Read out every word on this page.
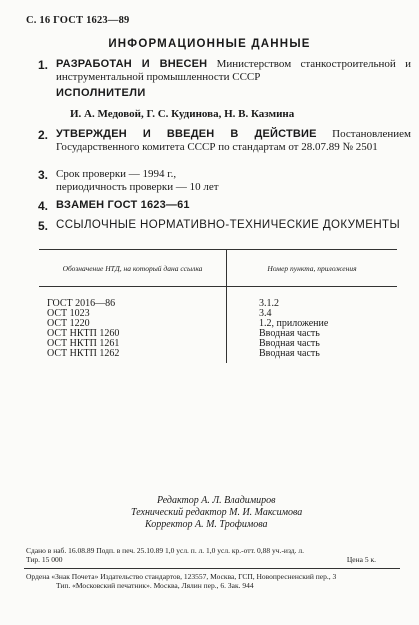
С. 16 ГОСТ 1623—89
ИНФОРМАЦИОННЫЕ ДАННЫЕ
1. РАЗРАБОТАН И ВНЕСЕН Министерством станкостроительной и инструментальной промышленности СССР
ИСПОЛНИТЕЛИ
И. А. Медовой, Г. С. Кудинова, Н. В. Казмина
2. УТВЕРЖДЕН И ВВЕДЕН В ДЕЙСТВИЕ Постановлением Государственного комитета СССР по стандартам от 28.07.89 № 2501
3. Срок проверки — 1994 г.,
периодичность проверки — 10 лет
4. ВЗАМЕН ГОСТ 1623—61
5. ССЫЛОЧНЫЕ НОРМАТИВНО-ТЕХНИЧЕСКИЕ ДОКУМЕНТЫ
Обозначение НТД, на который дана ссылка	Номер пункта, приложения
ГОСТ 2016—86	3.1.2
ОСТ 1023	3.4
ОСТ 1220	1.2, приложение
ОСТ НКТП 1260	Вводная часть
ОСТ НКТП 1261	Вводная часть
ОСТ НКТП 1262	Вводная часть
Редактор А. Л. Владимиров
Технический редактор М. И. Максимова
Корректор А. М. Трофимова
Сдано в наб. 16.08.89 Подп. в печ. 25.10.89 1,0 усл. п. л. 1,0 усл. кр.-отт. 0,88 уч.-изд. л.
Тир. 15 000	Цена 5 к.
Ордена «Знак Почета» Издательство стандартов, 123557, Москва, ГСП, Новопресненский пер., 3
Тип. «Московский печатник». Москва, Лялин пер., 6. Зак. 944
